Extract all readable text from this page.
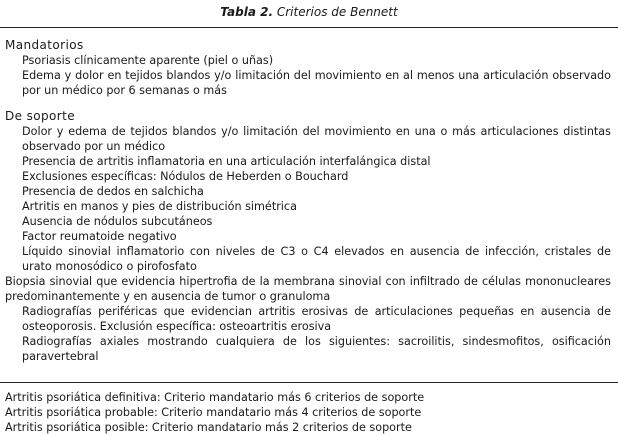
Tabla 2. Criterios de Bennett
Mandatorios
Psoriasis clínicamente aparente (piel o uñas)
Edema y dolor en tejidos blandos y/o limitación del movimiento en al menos una articulación observado por un médico por 6 semanas o más
De soporte
Dolor y edema de tejidos blandos y/o limitación del movimiento en una o más articulaciones distintas observado por un médico
Presencia de artritis inflamatoria en una articulación interfalángica distal
Exclusiones específicas: Nódulos de Heberden o Bouchard
Presencia de dedos en salchicha
Artritis en manos y pies de distribución simétrica
Ausencia de nódulos subcutáneos
Factor reumatoide negativo
Líquido sinovial inflamatorio con niveles de C3 o C4 elevados en ausencia de infección, cristales de urato monosódico o pirofosfato
Biopsia sinovial que evidencia hipertrofia de la membrana sinovial con infiltrado de células mononucleares predominantemente y en ausencia de tumor o granuloma
Radiografías periféricas que evidencian artritis erosivas de articulaciones pequeñas en ausencia de osteoporosis. Exclusión específica: osteoartritis erosiva
Radiografías axiales mostrando cualquiera de los siguientes: sacroilitis, sindesmofitos, osificación paravertebral
Artritis psoriática definitiva: Criterio mandatario más 6 criterios de soporte
Artritis psoriática probable: Criterio mandatario más 4 criterios de soporte
Artritis psoriática posible: Criterio mandatario más 2 criterios de soporte
